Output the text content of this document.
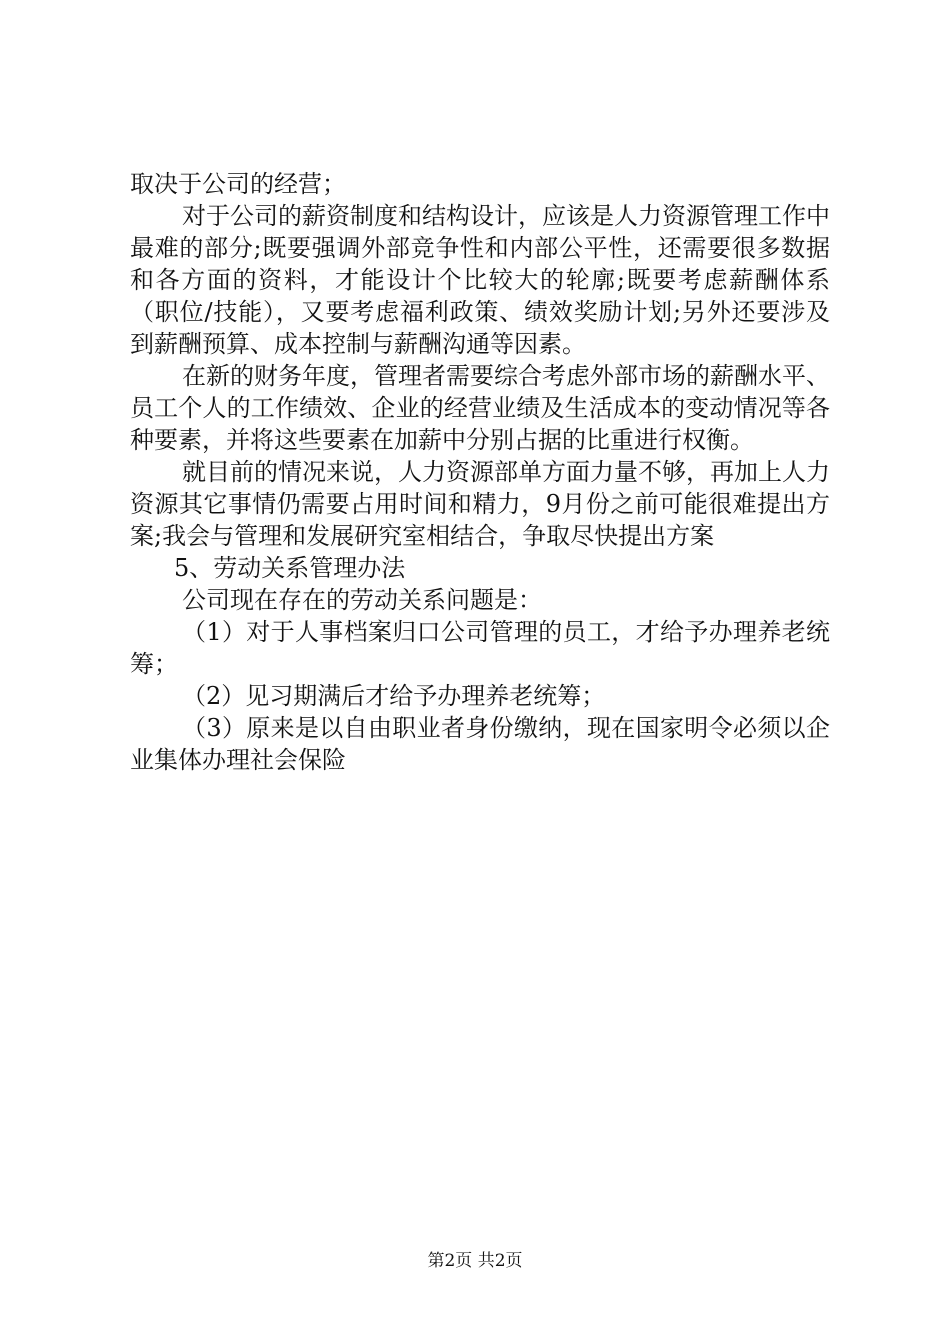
取决于公司的经营；

对于公司的薪资制度和结构设计，应该是人力资源管理工作中最难的部分;既要强调外部竞争性和内部公平性，还需要很多数据和各方面的资料，才能设计个比较大的轮廓;既要考虑薪酬体系（职位/技能），又要考虑福利政策、绩效奖励计划;另外还要涉及到薪酬预算、成本控制与薪酬沟通等因素。

在新的财务年度，管理者需要综合考虑外部市场的薪酬水平、员工个人的工作绩效、企业的经营业绩及生活成本的变动情况等各种要素，并将这些要素在加薪中分别占据的比重进行权衡。

就目前的情况来说，人力资源部单方面力量不够，再加上人力资源其它事情仍需要占用时间和精力，9月份之前可能很难提出方案;我会与管理和发展研究室相结合，争取尽快提出方案

5、劳动关系管理办法

公司现在存在的劳动关系问题是：

（1）对于人事档案归口公司管理的员工，才给予办理养老统筹；

（2）见习期满后才给予办理养老统筹；

（3）原来是以自由职业者身份缴纳，现在国家明令必须以企业集体办理社会保险

第2页 共2页
